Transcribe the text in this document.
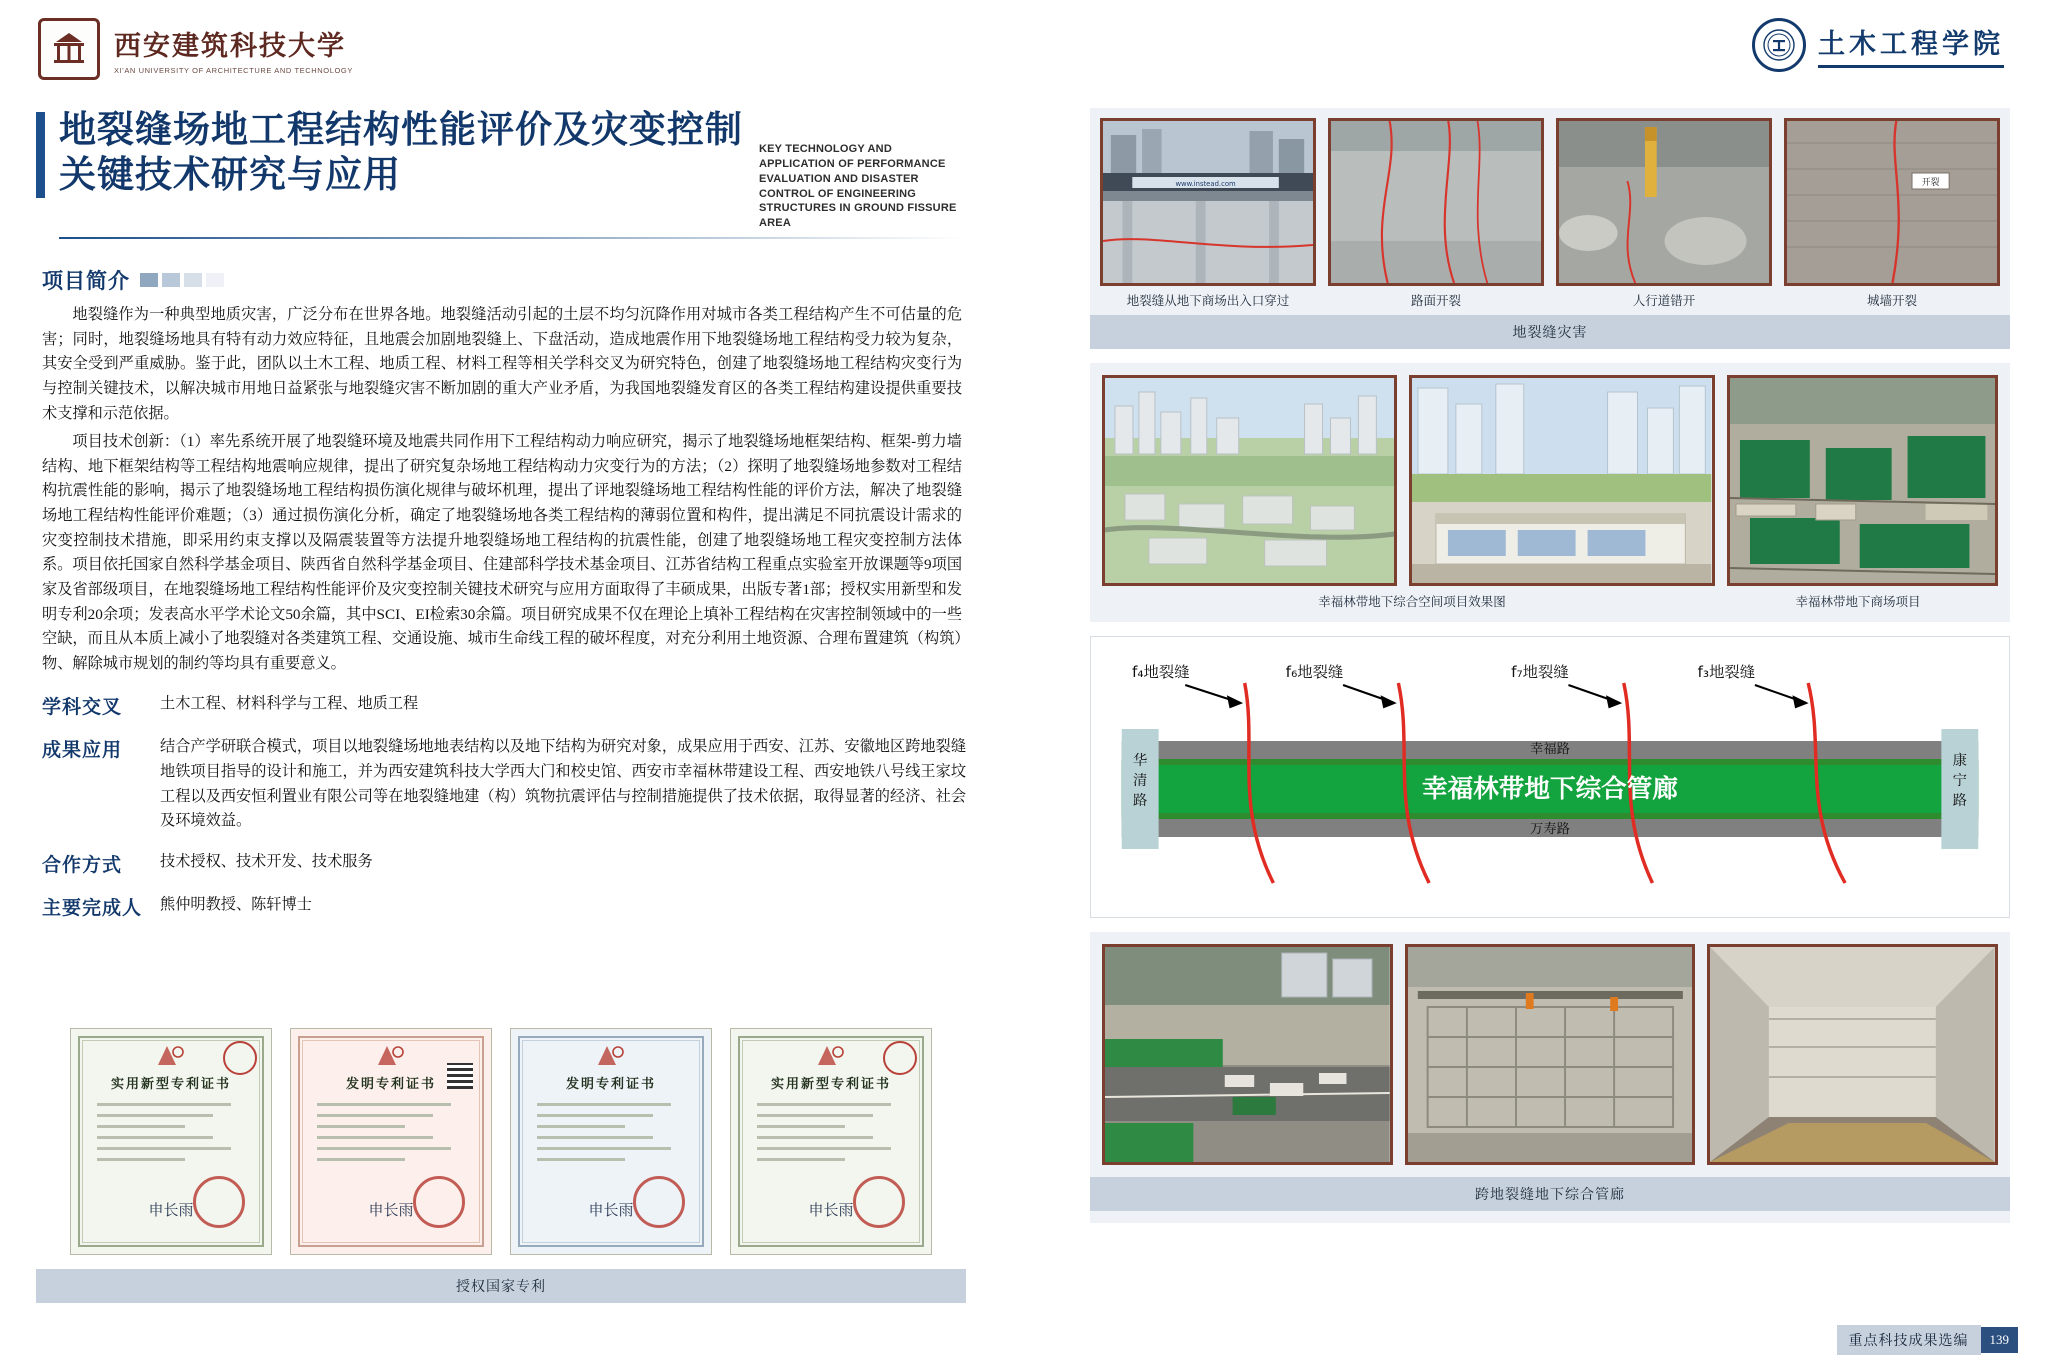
西安建筑科技大学
XI'AN UNIVERSITY OF ARCHITECTURE AND TECHNOLOGY
土木工程学院
地裂缝场地工程结构性能评价及灾变控制
关键技术研究与应用
KEY TECHNOLOGY AND APPLICATION OF PERFORMANCE EVALUATION AND DISASTER CONTROL OF ENGINEERING STRUCTURES IN GROUND FISSURE AREA
项目简介

地裂缝作为一种典型地质灾害，广泛分布在世界各地。地裂缝活动引起的土层不均匀沉降作用对城市各类工程结构产生不可估量的危害；同时，地裂缝场地具有特有动力效应特征，且地震会加剧地裂缝上、下盘活动，造成地震作用下地裂缝场地工程结构受力较为复杂，其安全受到严重威胁。鉴于此，团队以土木工程、地质工程、材料工程等相关学科交叉为研究特色，创建了地裂缝场地工程结构灾变行为与控制关键技术，以解决城市用地日益紧张与地裂缝灾害不断加剧的重大产业矛盾，为我国地裂缝发育区的各类工程结构建设提供重要技术支撑和示范依据。

项目技术创新：（1）率先系统开展了地裂缝环境及地震共同作用下工程结构动力响应研究，揭示了地裂缝场地框架结构、框架-剪力墙结构、地下框架结构等工程结构地震响应规律，提出了研究复杂场地工程结构动力灾变行为的方法；（2）探明了地裂缝场地参数对工程结构抗震性能的影响，揭示了地裂缝场地工程结构损伤演化规律与破坏机理，提出了评地裂缝场地工程结构性能的评价方法，解决了地裂缝场地工程结构性能评价难题；（3）通过损伤演化分析，确定了地裂缝场地各类工程结构的薄弱位置和构件，提出满足不同抗震设计需求的灾变控制技术措施，即采用约束支撑以及隔震装置等方法提升地裂缝场地工程结构的抗震性能，创建了地裂缝场地工程灾变控制方法体系。项目依托国家自然科学基金项目、陕西省自然科学基金项目、住建部科学技术基金项目、江苏省结构工程重点实验室开放课题等9项国家及省部级项目，在地裂缝场地工程结构性能评价及灾变控制关键技术研究与应用方面取得了丰硕成果，出版专著1部；授权实用新型和发明专利20余项；发表高水平学术论文50余篇，其中SCI、EI检索30余篇。项目研究成果不仅在理论上填补工程结构在灾害控制领域中的一些空缺，而且从本质上减小了地裂缝对各类建筑工程、交通设施、城市生命线工程的破坏程度，对充分利用土地资源、合理布置建筑（构筑）物、解除城市规划的制约等均具有重要意义。

学科交叉	土木工程、材料科学与工程、地质工程
成果应用	结合产学研联合模式，项目以地裂缝场地地表结构以及地下结构为研究对象，成果应用于西安、江苏、安徽地区跨地裂缝地铁项目指导的设计和施工，并为西安建筑科技大学西大门和校史馆、西安市幸福林带建设工程、西安地铁八号线王家坟工程以及西安恒利置业有限公司等在地裂缝地建（构）筑物抗震评估与控制措施提供了技术依据，取得显著的经济、社会及环境效益。
合作方式	技术授权、技术开发、技术服务
主要完成人	熊仲明教授、陈轩博士
实用新型专利证书
申长雨
发明专利证书
申长雨
发明专利证书
申长雨
实用新型专利证书
申长雨
授权国家专利
www.instead.com	开裂
地裂缝从地下商场出入口穿过	路面开裂	人行道错开	城墙开裂
地裂缝灾害
幸福林带地下综合空间项目效果图	幸福林带地下商场项目
f₄地裂缝	f₆地裂缝	f₇地裂缝	f₃地裂缝
幸福路
万寿路
华
清
路
康
宁
路
幸福林带地下综合管廊
跨地裂缝地下综合管廊
重点科技成果选编	139
